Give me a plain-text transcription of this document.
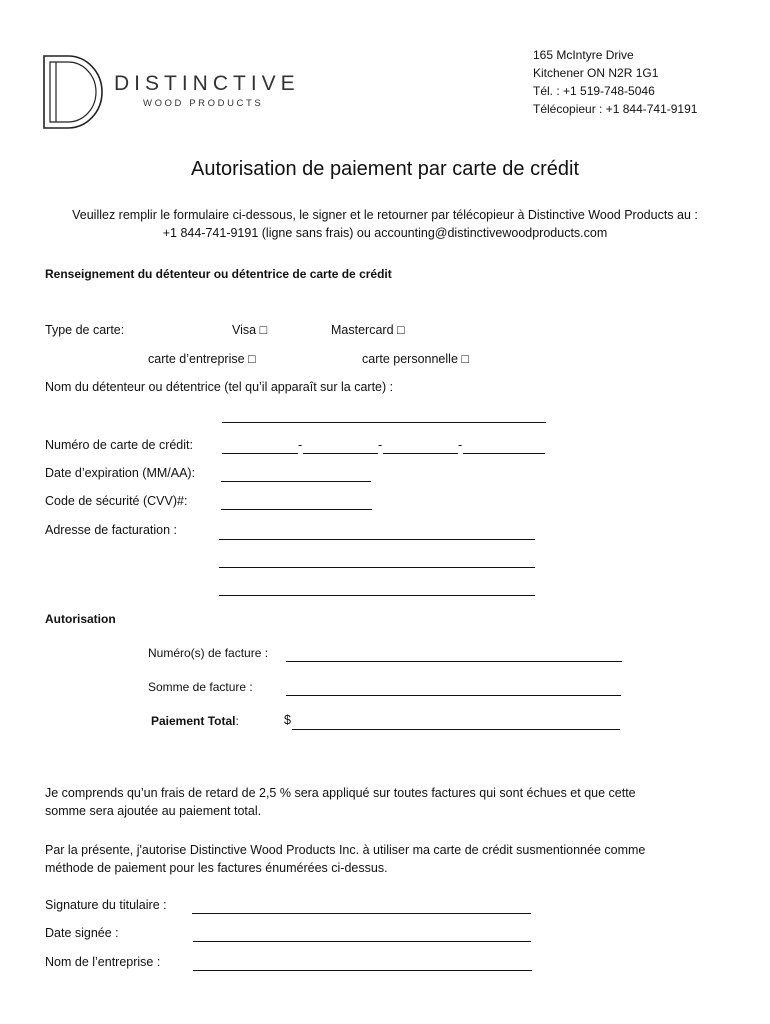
DISTINCTIVE
WOOD PRODUCTS
165 McIntyre Drive
Kitchener ON N2R 1G1
Tél. : +1 519-748-5046
Télécopieur : +1 844-741-9191
Autorisation de paiement par carte de crédit
Veuillez remplir le formulaire ci-dessous, le signer et le retourner par télécopieur à Distinctive Wood Products au :
+1 844-741-9191 (ligne sans frais) ou accounting@distinctivewoodproducts.com
Renseignement du détenteur ou détentrice de carte de crédit
Type de carte:	Visa □	Mastercard □
carte d’entreprise □	carte personnelle □
Nom du détenteur ou détentrice (tel qu’il apparaît sur la carte) :
Numéro de carte de crédit:	-	-	-
Date d’expiration (MM/AA):
Code de sécurité (CVV)#:
Adresse de facturation :
Autorisation
Numéro(s) de facture :
Somme de facture :
Paiement Total:	$
Je comprends qu’un frais de retard de 2,5 % sera appliqué sur toutes factures qui sont échues et que cette
somme sera ajoutée au paiement total.
Par la présente, j'autorise Distinctive Wood Products Inc. à utiliser ma carte de crédit susmentionnée comme
méthode de paiement pour les factures énumérées ci-dessus.
Signature du titulaire :
Date signée :
Nom de l’entreprise :
